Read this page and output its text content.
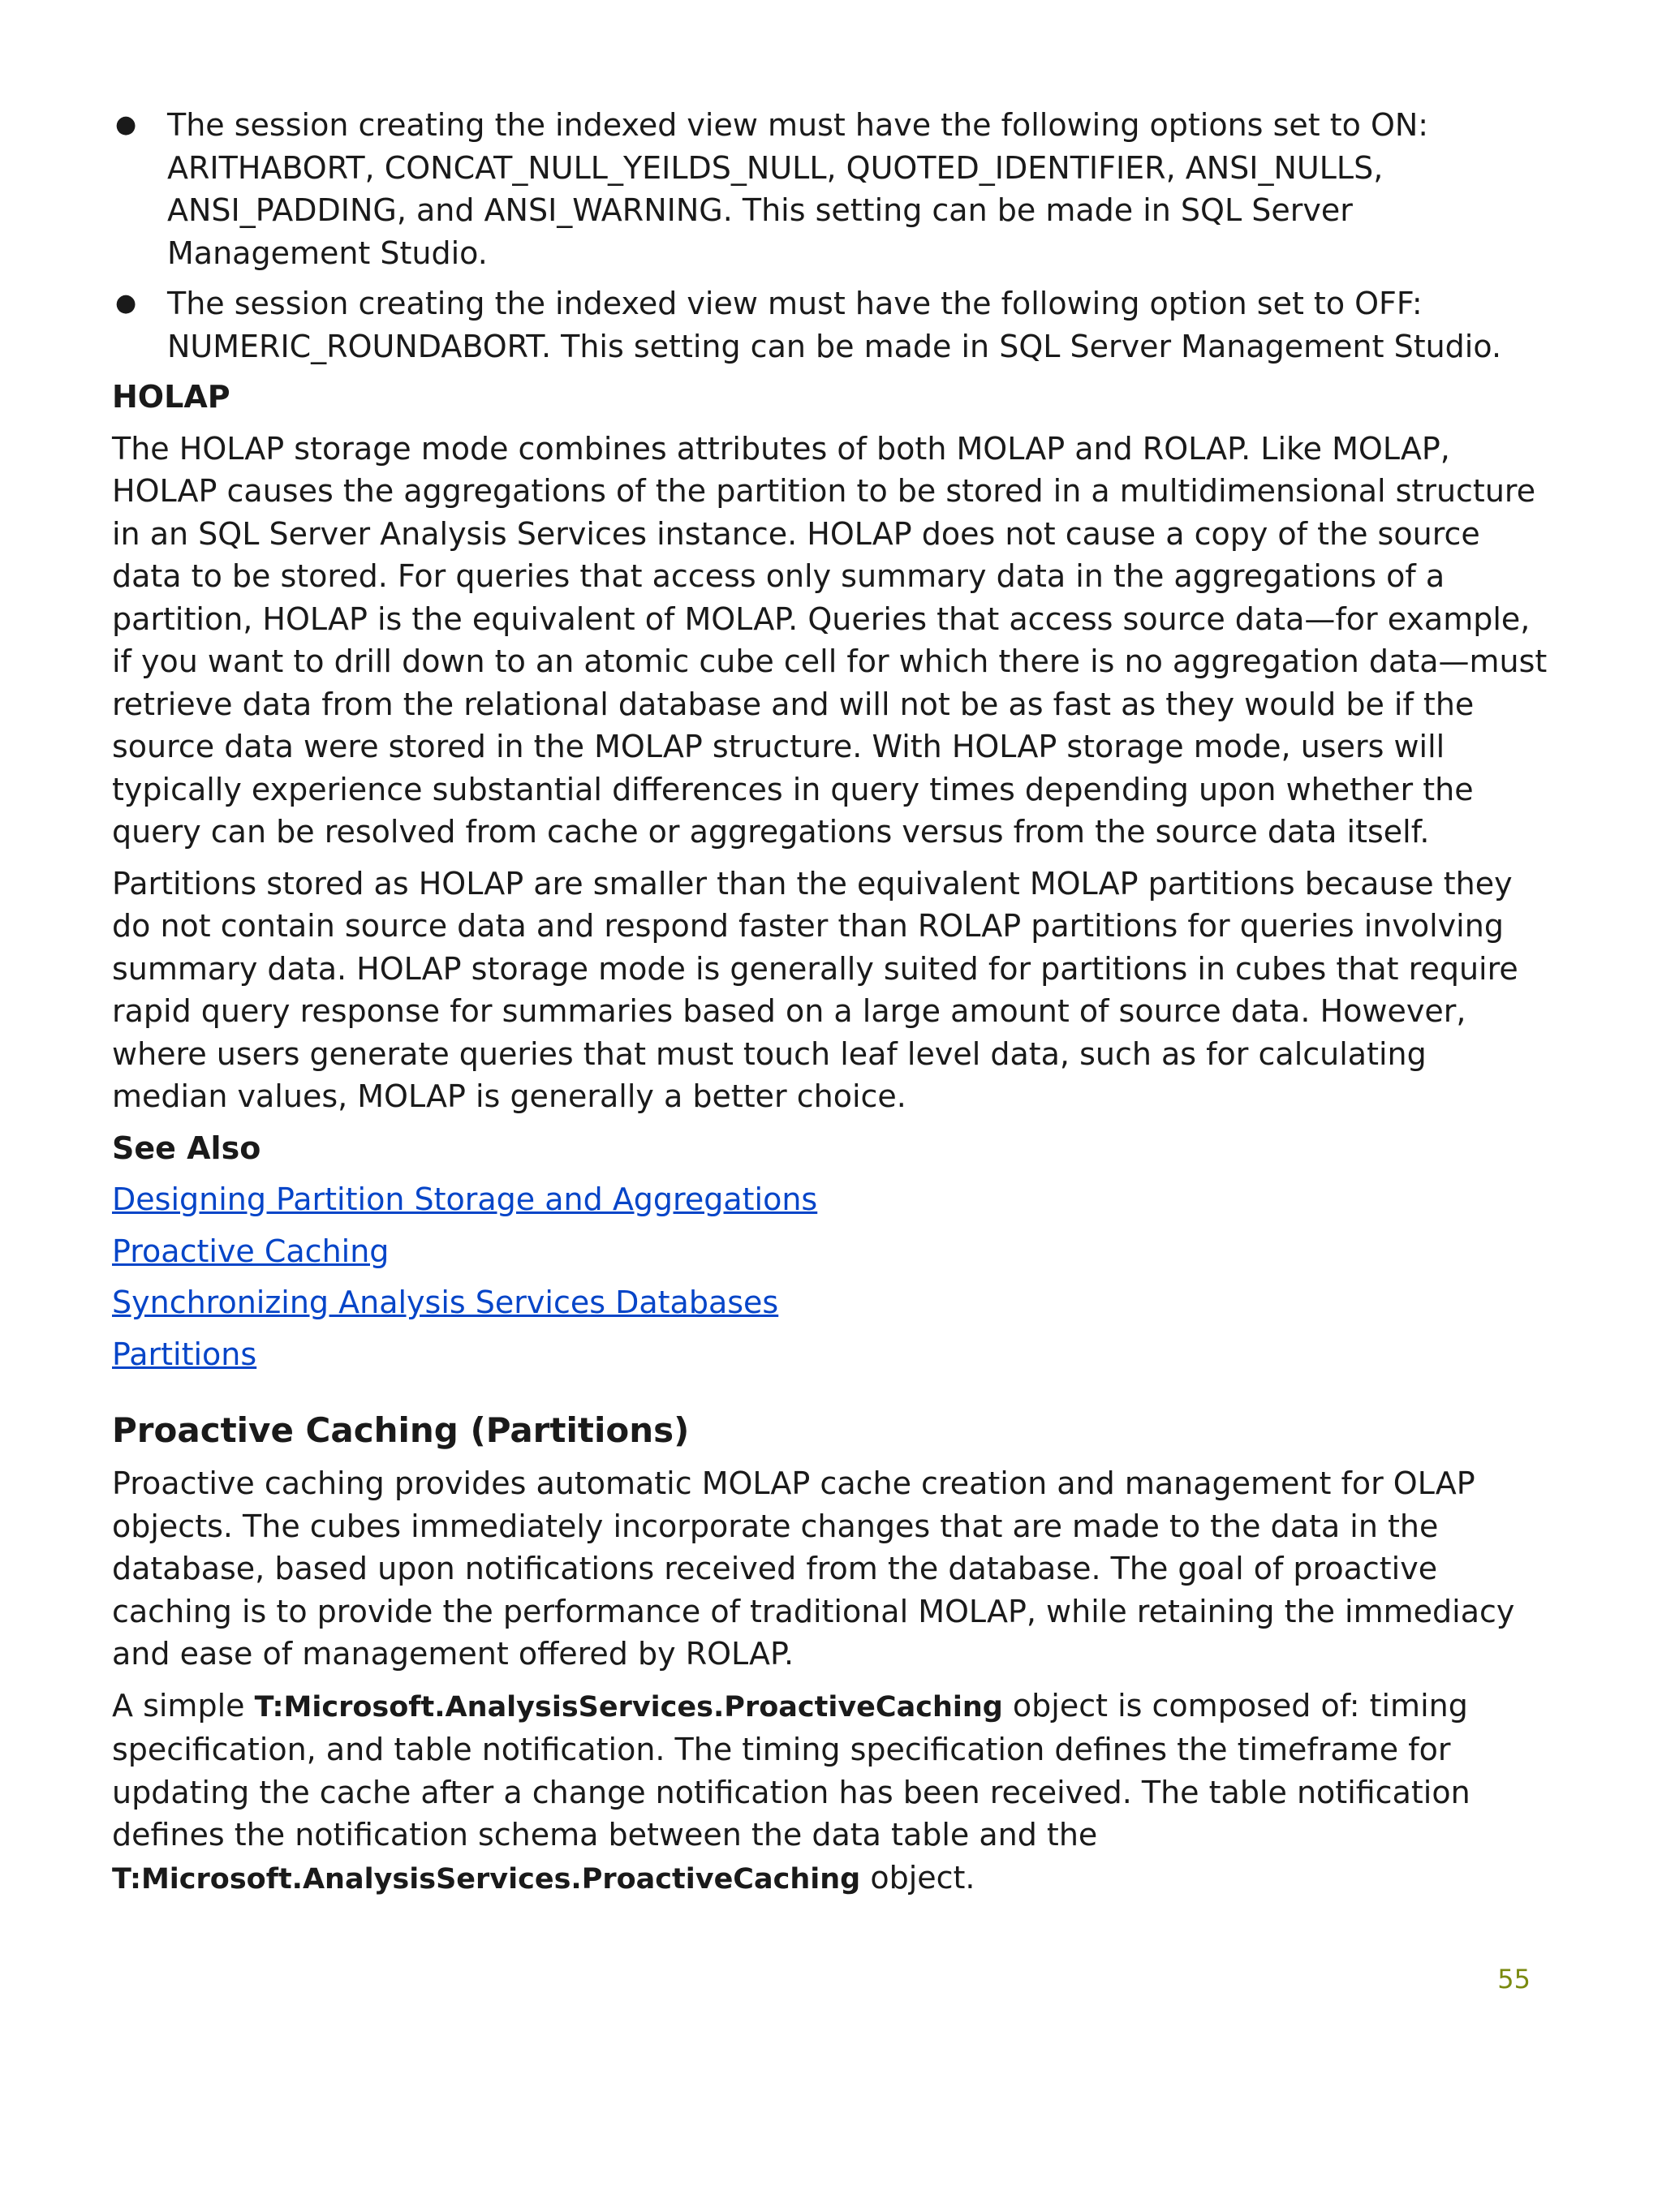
● The session creating the indexed view must have the following options set to ON: ARITHABORT, CONCAT_NULL_YEILDS_NULL, QUOTED_IDENTIFIER, ANSI_NULLS, ANSI_PADDING, and ANSI_WARNING. This setting can be made in SQL Server Management Studio.
● The session creating the indexed view must have the following option set to OFF: NUMERIC_ROUNDABORT. This setting can be made in SQL Server Management Studio.
HOLAP

The HOLAP storage mode combines attributes of both MOLAP and ROLAP. Like MOLAP, HOLAP causes the aggregations of the partition to be stored in a multidimensional structure in an SQL Server Analysis Services instance. HOLAP does not cause a copy of the source data to be stored. For queries that access only summary data in the aggregations of a partition, HOLAP is the equivalent of MOLAP. Queries that access source data—for example, if you want to drill down to an atomic cube cell for which there is no aggregation data—must retrieve data from the relational database and will not be as fast as they would be if the source data were stored in the MOLAP structure. With HOLAP storage mode, users will typically experience substantial differences in query times depending upon whether the query can be resolved from cache or aggregations versus from the source data itself.

Partitions stored as HOLAP are smaller than the equivalent MOLAP partitions because they do not contain source data and respond faster than ROLAP partitions for queries involving summary data. HOLAP storage mode is generally suited for partitions in cubes that require rapid query response for summaries based on a large amount of source data. However, where users generate queries that must touch leaf level data, such as for calculating median values, MOLAP is generally a better choice.

See Also
Designing Partition Storage and Aggregations
Proactive Caching
Synchronizing Analysis Services Databases
Partitions
Proactive Caching (Partitions)

Proactive caching provides automatic MOLAP cache creation and management for OLAP objects. The cubes immediately incorporate changes that are made to the data in the database, based upon notifications received from the database. The goal of proactive caching is to provide the performance of traditional MOLAP, while retaining the immediacy and ease of management offered by ROLAP.

A simple T:Microsoft.AnalysisServices.ProactiveCaching object is composed of: timing specification, and table notification. The timing specification defines the timeframe for updating the cache after a change notification has been received. The table notification defines the notification schema between the data table and the T:Microsoft.AnalysisServices.ProactiveCaching object.

55
